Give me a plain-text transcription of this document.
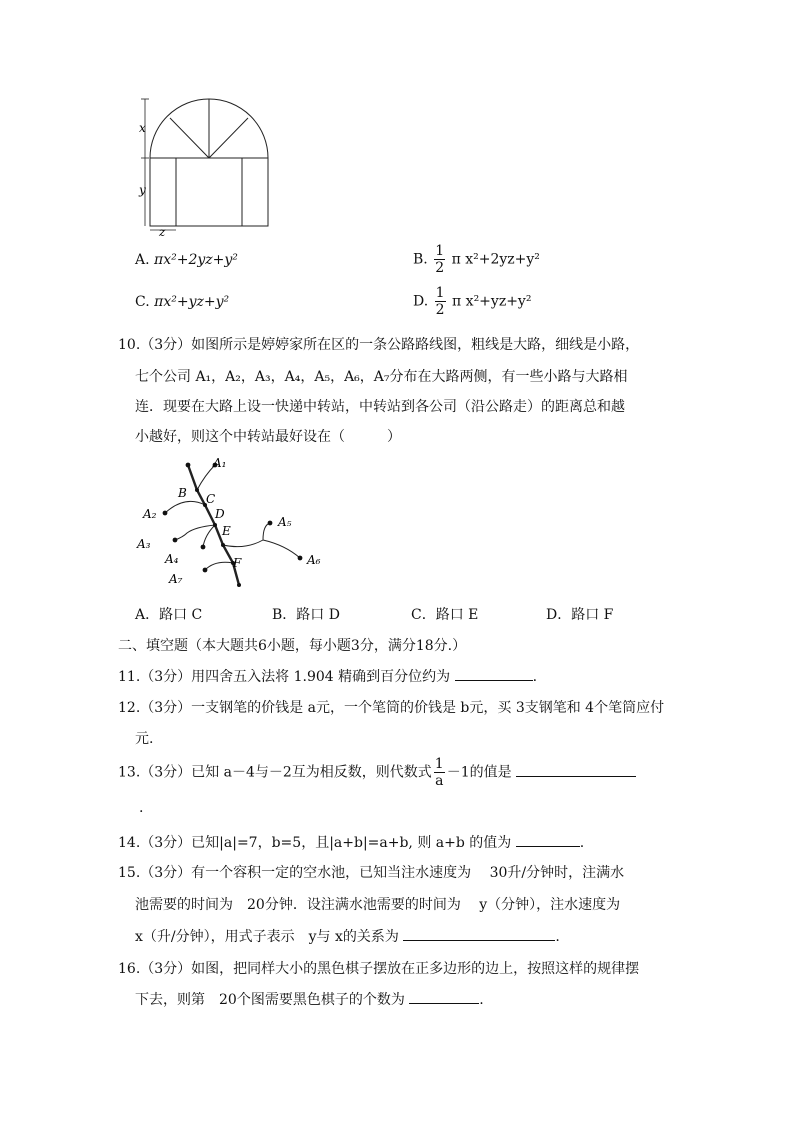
x
y
z
A. πx²+2yz+y²	B. $\frac{1}{2}$ π x²+2yz+y²
C. πx²+yz+y²	D. $\frac{1}{2}$ π x²+yz+y²
10.（3分）如图所示是婷婷家所在区的一条公路路线图，粗线是大路，细线是小路，
七个公司 A₁，A₂，A₃，A₄，A₅，A₆，A₇分布在大路两侧，有一些小路与大路相
连．现要在大路上设一快递中转站，中转站到各公司（沿公路走）的距离总和越
小越好，则这个中转站最好设在（　　　）
A₁
B C
A₂	D
E
A₃
A₄
A₅
A₆
F
A₇
A．路口 C	B．路口 D	C．路口 E	D．路口 F
二、填空题（本大题共6小题，每小题3分，满分18分.）
11.（3分）用四舍五入法将 1.904 精确到百分位约为	.
12.（3分）一支钢笔的价钱是 a元，一个笔筒的价钱是 b元，买 3支钢笔和 4个笔筒应付
元.
13.（3分）已知 a－4与－2互为相反数，则代数式 $\frac{1}{a} -1$的值是
.
14.（3分）已知|a|=7，b=5，且|a+b|=a+b, 则 a+b 的值为	.
15.（3分）有一个容积一定的空水池，已知当注水速度为　 30升/分钟时，注满水
池需要的时间为　20分钟．设注满水池需要的时间为　 y（分钟），注水速度为
x（升/分钟），用式子表示　y与 x的关系为	.
16.（3分）如图，把同样大小的黑色棋子摆放在正多边形的边上，按照这样的规律摆
下去，则第　20个图需要黑色棋子的个数为	.
